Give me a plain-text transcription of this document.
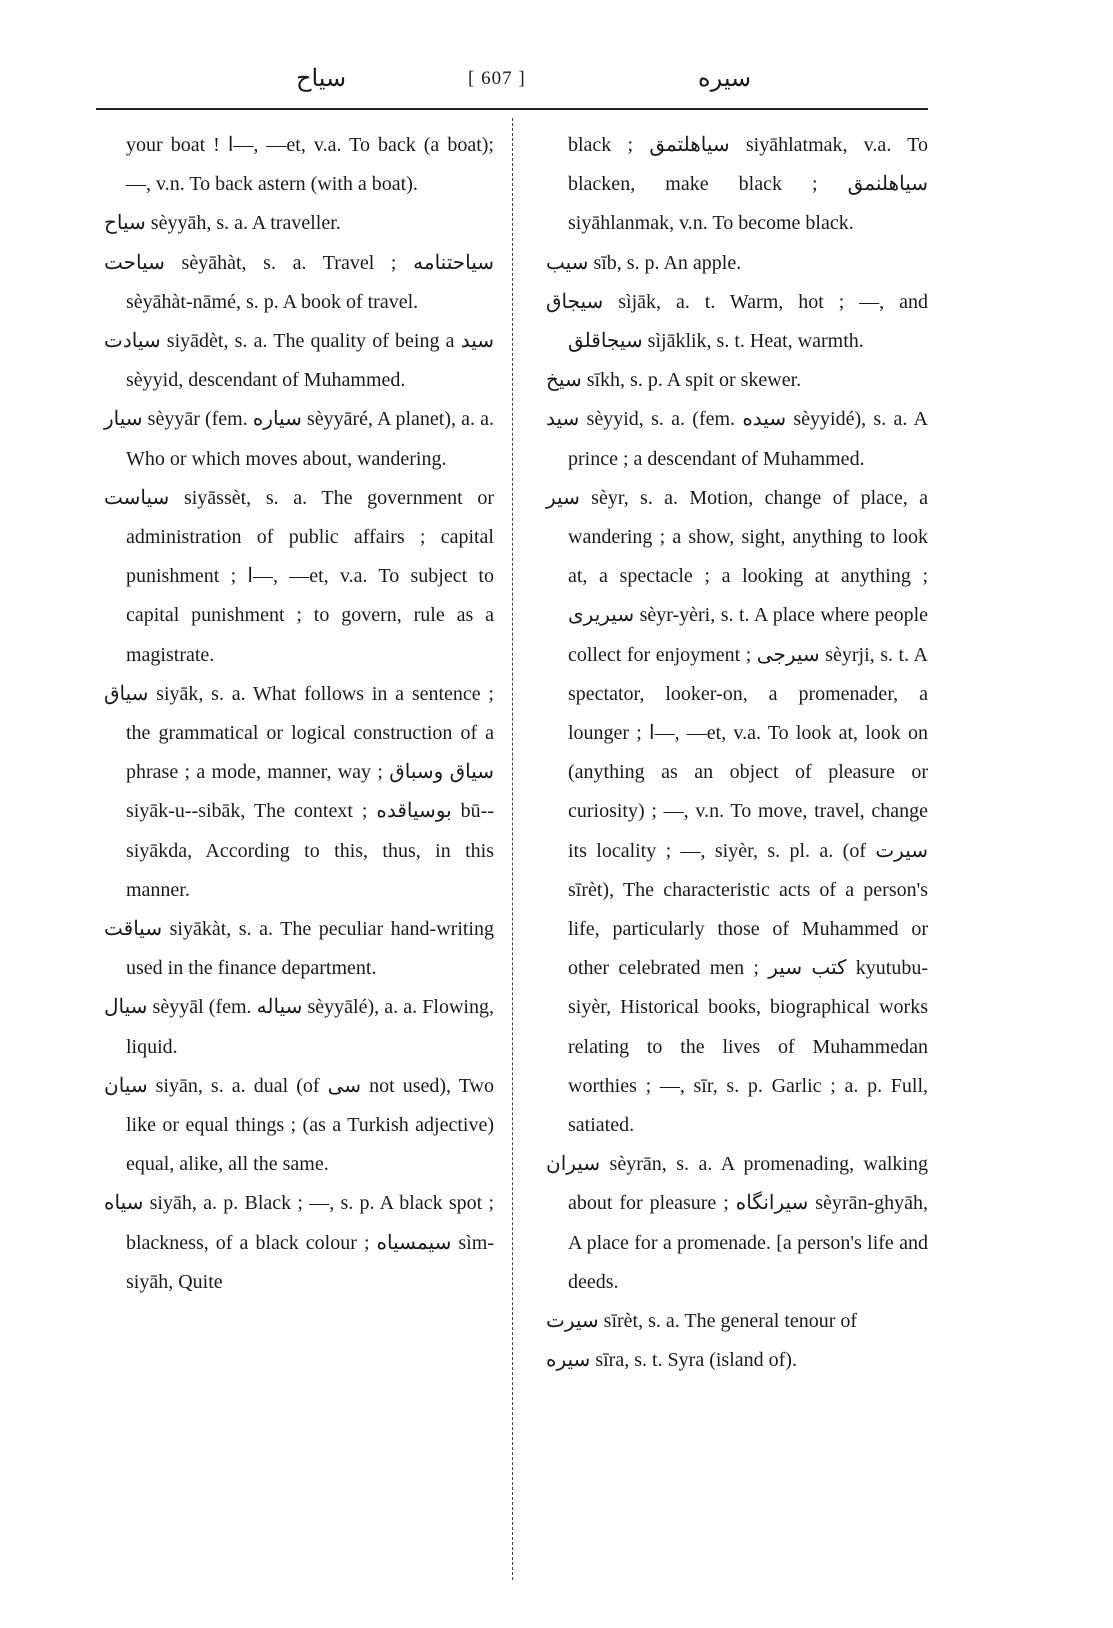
سیاح	[ 607 ]	سیره
your boat ! ا—, —et, v.a. To back (a boat); —, v.n. To back astern (with a boat).
سیاح sèyyāh, s. a. A traveller.
سیاحت sèyāhàt, s. a. Travel ; سیاحتنامه sèyāhàt-nāmé, s. p. A book of travel.
سیادت siyādèt, s. a. The quality of being a سید sèyyid, descendant of Muhammed.
سیار sèyyār (fem. سیاره sèyyāré, A planet), a. a. Who or which moves about, wandering.
سیاست siyāssèt, s. a. The government or administration of public affairs ; capital punishment ; ا—, —et, v.a. To subject to capital punishment ; to govern, rule as a magistrate.
سیاق siyāk, s. a. What follows in a sentence ; the grammatical or logical construction of a phrase ; a mode, manner, way ; سیاق وسباق siyāk-u--sibāk, The context ; بوسیاقده bū--siyākda, According to this, thus, in this manner.
سیاقت siyākàt, s. a. The peculiar hand-writing used in the finance department.
سیال sèyyāl (fem. سیاله sèyyālé), a. a. Flowing, liquid.
سیان siyān, s. a. dual (of سی not used), Two like or equal things ; (as a Turkish adjective) equal, alike, all the same.
سیاه siyāh, a. p. Black ; —, s. p. A black spot ; blackness, of a black colour ; سیمسیاه sìm-siyāh, Quite
black ; سیاهلتمق siyāhlatmak, v.a. To blacken, make black ; سیاهلنمق siyāhlanmak, v.n. To become black.
سیب sīb, s. p. An apple.
سیجاق sìjāk, a. t. Warm, hot ; —, and سیجاقلق sìjāklik, s. t. Heat, warmth.
سیخ sīkh, s. p. A spit or skewer.
سید sèyyid, s. a. (fem. سیده sèyyidé), s. a. A prince ; a descendant of Muhammed.
سیر sèyr, s. a. Motion, change of place, a wandering ; a show, sight, anything to look at, a spectacle ; a looking at anything ; سیریری sèyr-yèri, s. t. A place where people collect for enjoyment ; سیرجی sèyrji, s. t. A spectator, looker-on, a promenader, a lounger ; ا—, —et, v.a. To look at, look on (anything as an object of pleasure or curiosity) ; —, v.n. To move, travel, change its locality ; —, siyèr, s. pl. a. (of سیرت sīrèt), The characteristic acts of a person's life, particularly those of Muhammed or other celebrated men ; کتب سیر kyutubu-siyèr, Historical books, biographical works relating to the lives of Muhammedan worthies ; —, sīr, s. p. Garlic ; a. p. Full, satiated.
سیران sèyrān, s. a. A promenading, walking about for pleasure ; سیرانگاه sèyrān-ghyāh, A place for a promenade. [a person's life and deeds.
سیرت sīrèt, s. a. The general tenour of
سیره sīra, s. t. Syra (island of).
